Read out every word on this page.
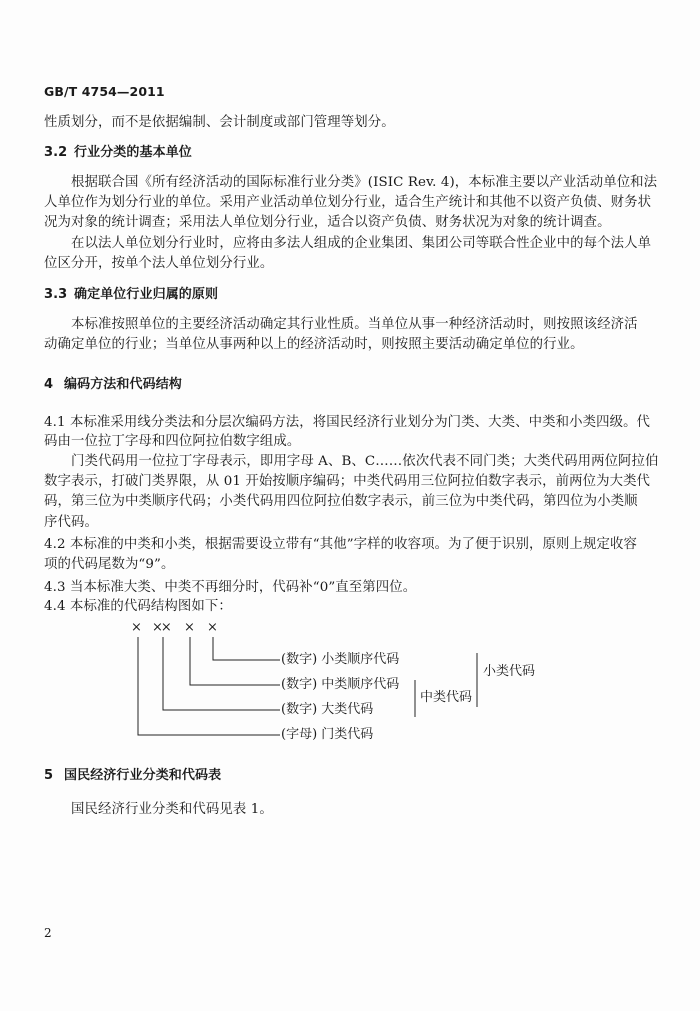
GB/T 4754—2011
性质划分，而不是依据编制、会计制度或部门管理等划分。
3.2 行业分类的基本单位
根据联合国《所有经济活动的国际标准行业分类》(ISIC Rev. 4)，本标准主要以产业活动单位和法
人单位作为划分行业的单位。采用产业活动单位划分行业，适合生产统计和其他不以资产负债、财务状
况为对象的统计调查；采用法人单位划分行业，适合以资产负债、财务状况为对象的统计调查。
在以法人单位划分行业时，应将由多法人组成的企业集团、集团公司等联合性企业中的每个法人单
位区分开，按单个法人单位划分行业。
3.3 确定单位行业归属的原则
本标准按照单位的主要经济活动确定其行业性质。当单位从事一种经济活动时，则按照该经济活
动确定单位的行业；当单位从事两种以上的经济活动时，则按照主要活动确定单位的行业。
4 编码方法和代码结构
4.1 本标准采用线分类法和分层次编码方法，将国民经济行业划分为门类、大类、中类和小类四级。代
码由一位拉丁字母和四位阿拉伯数字组成。
门类代码用一位拉丁字母表示，即用字母 A、B、C……依次代表不同门类；大类代码用两位阿拉伯
数字表示，打破门类界限，从 01 开始按顺序编码；中类代码用三位阿拉伯数字表示，前两位为大类代
码，第三位为中类顺序代码；小类代码用四位阿拉伯数字表示，前三位为中类代码，第四位为小类顺
序代码。
4.2 本标准的中类和小类，根据需要设立带有“其他”字样的收容项。为了便于识别，原则上规定收容
项的代码尾数为“9”。
4.3 当本标准大类、中类不再细分时，代码补“0”直至第四位。
4.4 本标准的代码结构图如下：
× ×× × ×
(数字) 小类顺序代码
(数字) 中类顺序代码
(数字) 大类代码
(字母) 门类代码
中类代码
小类代码
5 国民经济行业分类和代码表
国民经济行业分类和代码见表 1。
2
